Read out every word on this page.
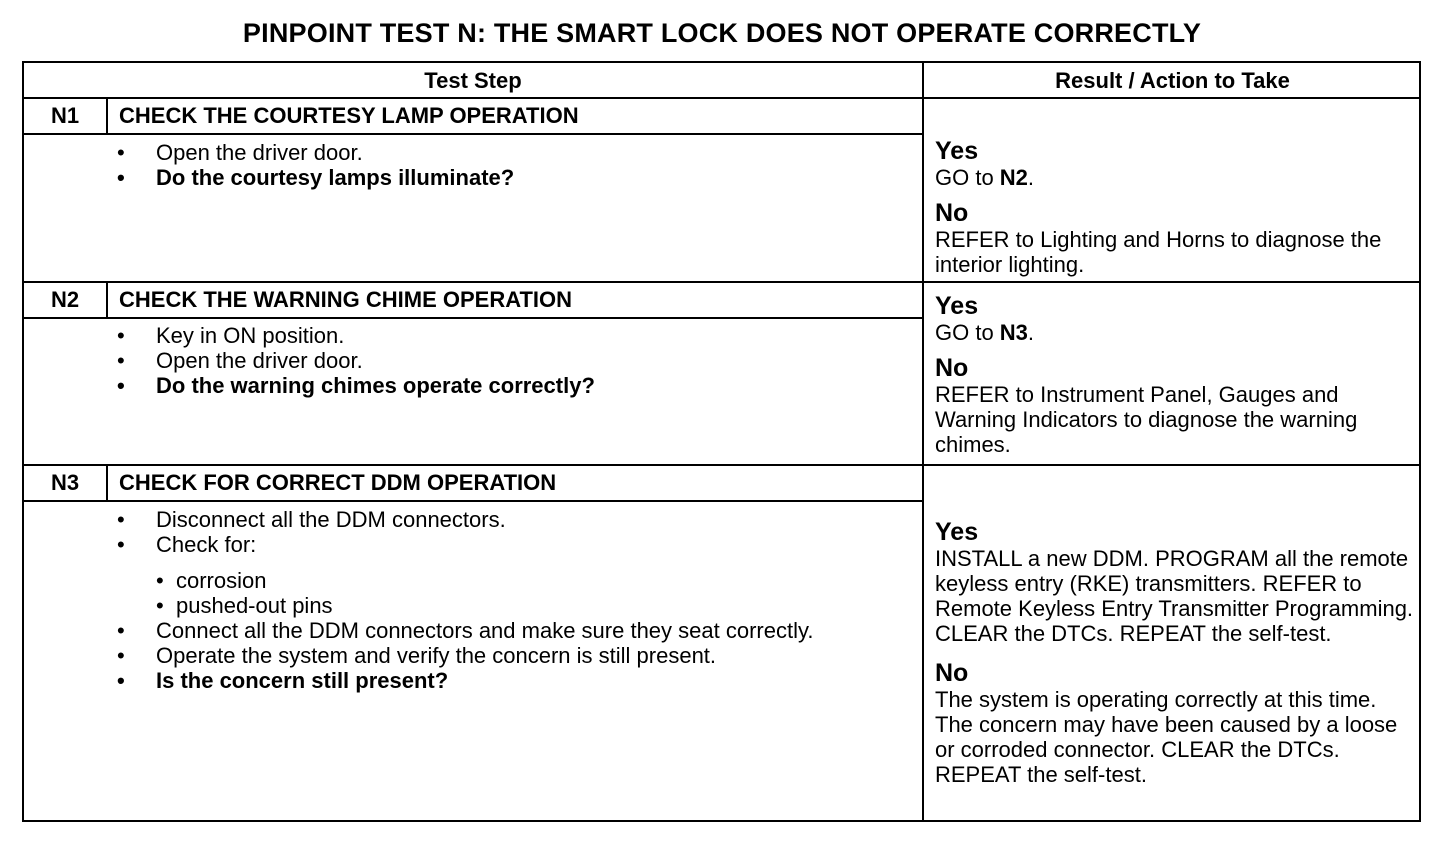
PINPOINT TEST N: THE SMART LOCK DOES NOT OPERATE CORRECTLY
Test Step	Result / Action to Take
N1	CHECK THE COURTESY LAMP OPERATION
• Open the driver door.
• Do the courtesy lamps illuminate?
Yes
GO to N2.
No
REFER to Lighting and Horns to diagnose the interior lighting.
N2	CHECK THE WARNING CHIME OPERATION
• Key in ON position.
• Open the driver door.
• Do the warning chimes operate correctly?
Yes
GO to N3.
No
REFER to Instrument Panel, Gauges and Warning Indicators to diagnose the warning chimes.
N3	CHECK FOR CORRECT DDM OPERATION
• Disconnect all the DDM connectors.
• Check for:
• corrosion
• pushed-out pins
• Connect all the DDM connectors and make sure they seat correctly.
• Operate the system and verify the concern is still present.
• Is the concern still present?
Yes
INSTALL a new DDM. PROGRAM all the remote keyless entry (RKE) transmitters. REFER to Remote Keyless Entry Transmitter Programming. CLEAR the DTCs. REPEAT the self-test.
No
The system is operating correctly at this time. The concern may have been caused by a loose or corroded connector. CLEAR the DTCs. REPEAT the self-test.
